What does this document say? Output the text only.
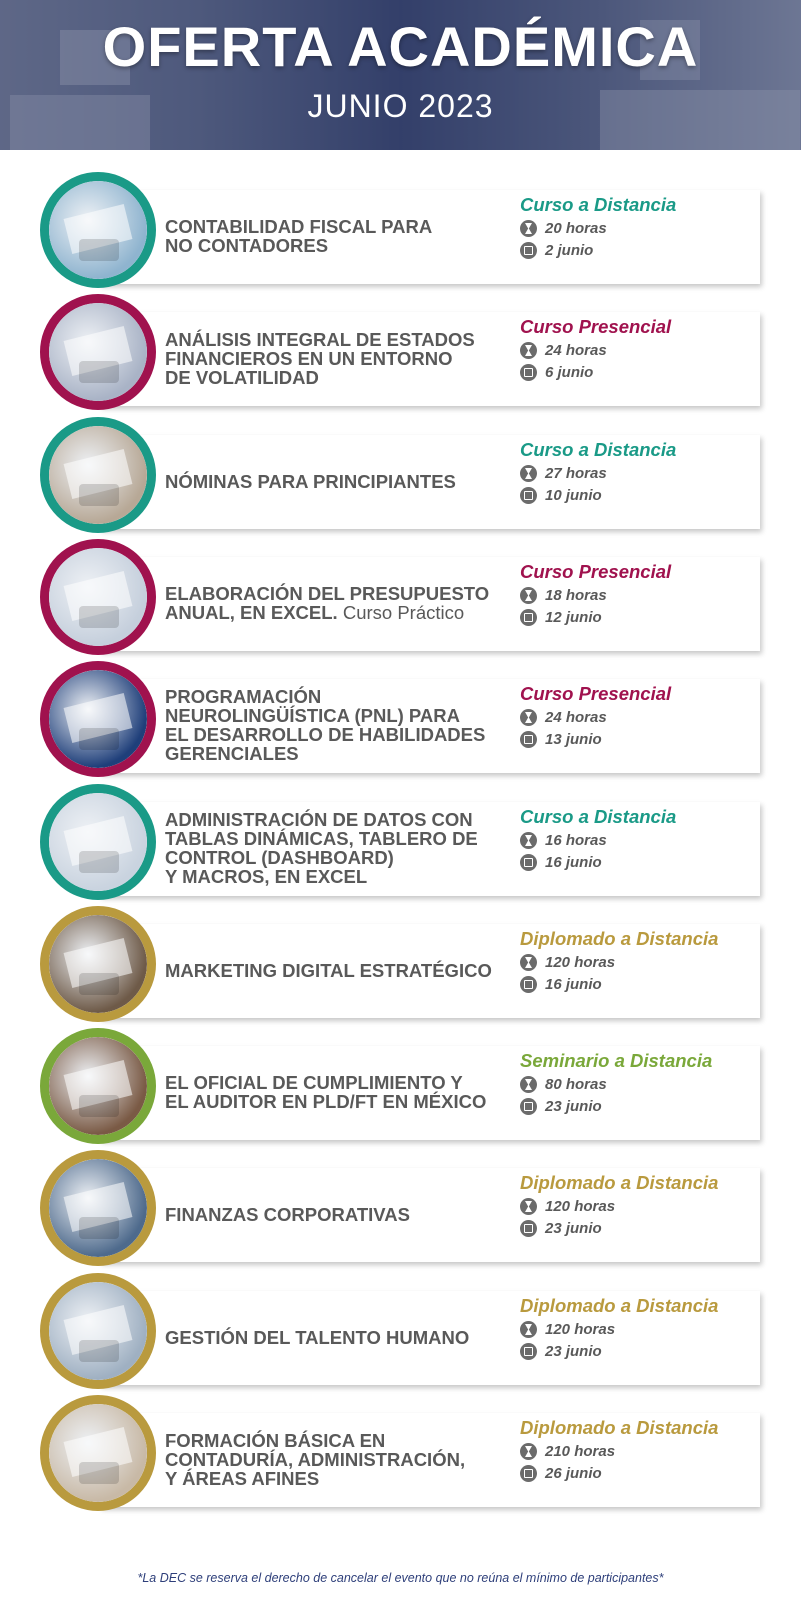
OFERTA ACADÉMICA
JUNIO 2023
CONTABILIDAD FISCAL PARA
NO CONTADORES
Curso a Distancia
20 horas
2 junio
ANÁLISIS INTEGRAL DE ESTADOS
FINANCIEROS EN UN ENTORNO
DE VOLATILIDAD
Curso Presencial
24 horas
6 junio
NÓMINAS PARA PRINCIPIANTES
Curso a Distancia
27 horas
10 junio
ELABORACIÓN DEL PRESUPUESTO
ANUAL, EN EXCEL. Curso Práctico
Curso Presencial
18 horas
12 junio
PROGRAMACIÓN
NEUROLINGÜÍSTICA (PNL) PARA
EL DESARROLLO DE HABILIDADES
GERENCIALES
Curso Presencial
24 horas
13 junio
ADMINISTRACIÓN DE DATOS CON
TABLAS DINÁMICAS, TABLERO DE
CONTROL (DASHBOARD)
Y MACROS, EN EXCEL
Curso a Distancia
16 horas
16 junio
MARKETING DIGITAL ESTRATÉGICO
Diplomado a Distancia
120 horas
16 junio
EL OFICIAL DE CUMPLIMIENTO Y
EL AUDITOR EN PLD/FT EN MÉXICO
Seminario a Distancia
80 horas
23 junio
FINANZAS CORPORATIVAS
Diplomado a Distancia
120 horas
23 junio
GESTIÓN DEL TALENTO HUMANO
Diplomado a Distancia
120 horas
23 junio
FORMACIÓN BÁSICA EN
CONTADURÍA, ADMINISTRACIÓN,
Y ÁREAS AFINES
Diplomado a Distancia
210 horas
26 junio
*La DEC se reserva el derecho de cancelar el evento que no reúna el mínimo de participantes*
